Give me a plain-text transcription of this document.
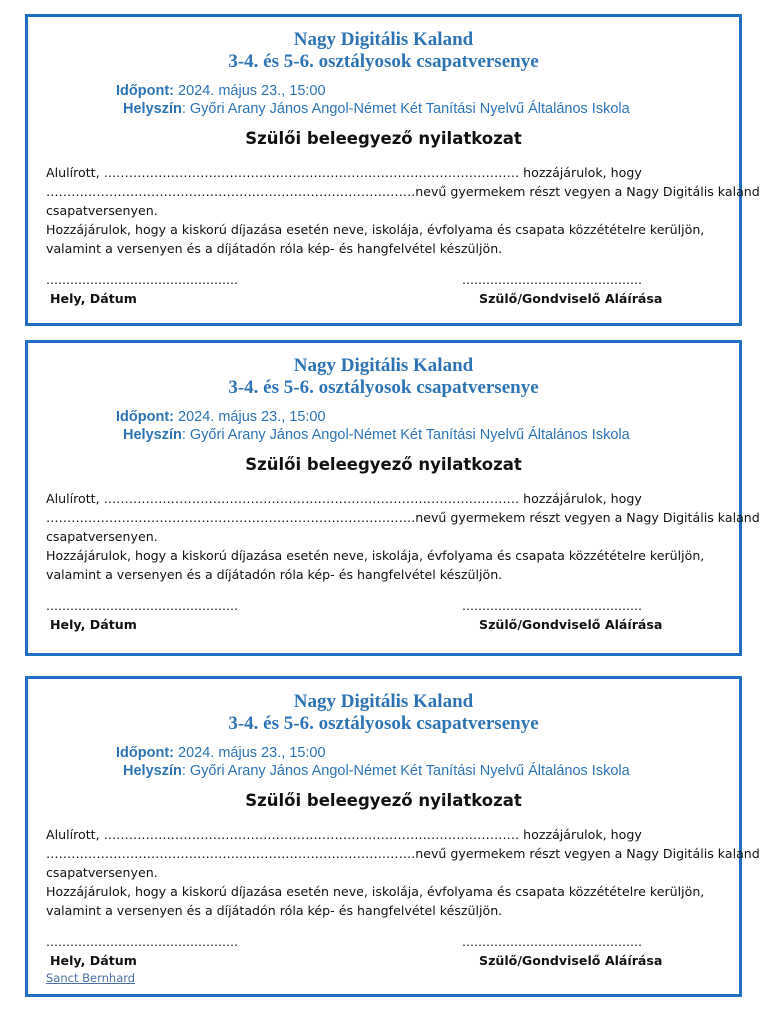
Nagy Digitális Kaland
3-4. és 5-6. osztályosok csapatversenye
Időpont: 2024. május 23., 15:00
Helyszín: Győri Arany János Angol-Német Két Tanítási Nyelvű Általános Iskola
Szülői beleegyező nyilatkozat
Alulírott, ……………………………………………………………………………………… hozzájárulok, hogy
…………………………………………………………………………….nevű gyermekem részt vegyen a Nagy Digitális kaland
csapatversenyen.
Hozzájárulok, hogy a kiskorú díjazása esetén neve, iskolája, évfolyama és csapata közzétételre kerüljön,
valamint a versenyen és a díjátadón róla kép- és hangfelvétel készüljön.
…………………………………………	………………………………………
Hely, Dátum	Szülő/Gondviselő Aláírása
Nagy Digitális Kaland
3-4. és 5-6. osztályosok csapatversenye
Időpont: 2024. május 23., 15:00
Helyszín: Győri Arany János Angol-Német Két Tanítási Nyelvű Általános Iskola
Szülői beleegyező nyilatkozat
Alulírott, ……………………………………………………………………………………… hozzájárulok, hogy
…………………………………………………………………………….nevű gyermekem részt vegyen a Nagy Digitális kaland
csapatversenyen.
Hozzájárulok, hogy a kiskorú díjazása esetén neve, iskolája, évfolyama és csapata közzétételre kerüljön,
valamint a versenyen és a díjátadón róla kép- és hangfelvétel készüljön.
…………………………………………	………………………………………
Hely, Dátum	Szülő/Gondviselő Aláírása
Nagy Digitális Kaland
3-4. és 5-6. osztályosok csapatversenye
Időpont: 2024. május 23., 15:00
Helyszín: Győri Arany János Angol-Német Két Tanítási Nyelvű Általános Iskola
Szülői beleegyező nyilatkozat
Alulírott, ……………………………………………………………………………………… hozzájárulok, hogy
…………………………………………………………………………….nevű gyermekem részt vegyen a Nagy Digitális kaland
csapatversenyen.
Hozzájárulok, hogy a kiskorú díjazása esetén neve, iskolája, évfolyama és csapata közzétételre kerüljön,
valamint a versenyen és a díjátadón róla kép- és hangfelvétel készüljön.
…………………………………………	………………………………………
Hely, Dátum	Szülő/Gondviselő Aláírása
Sanct Bernhard
